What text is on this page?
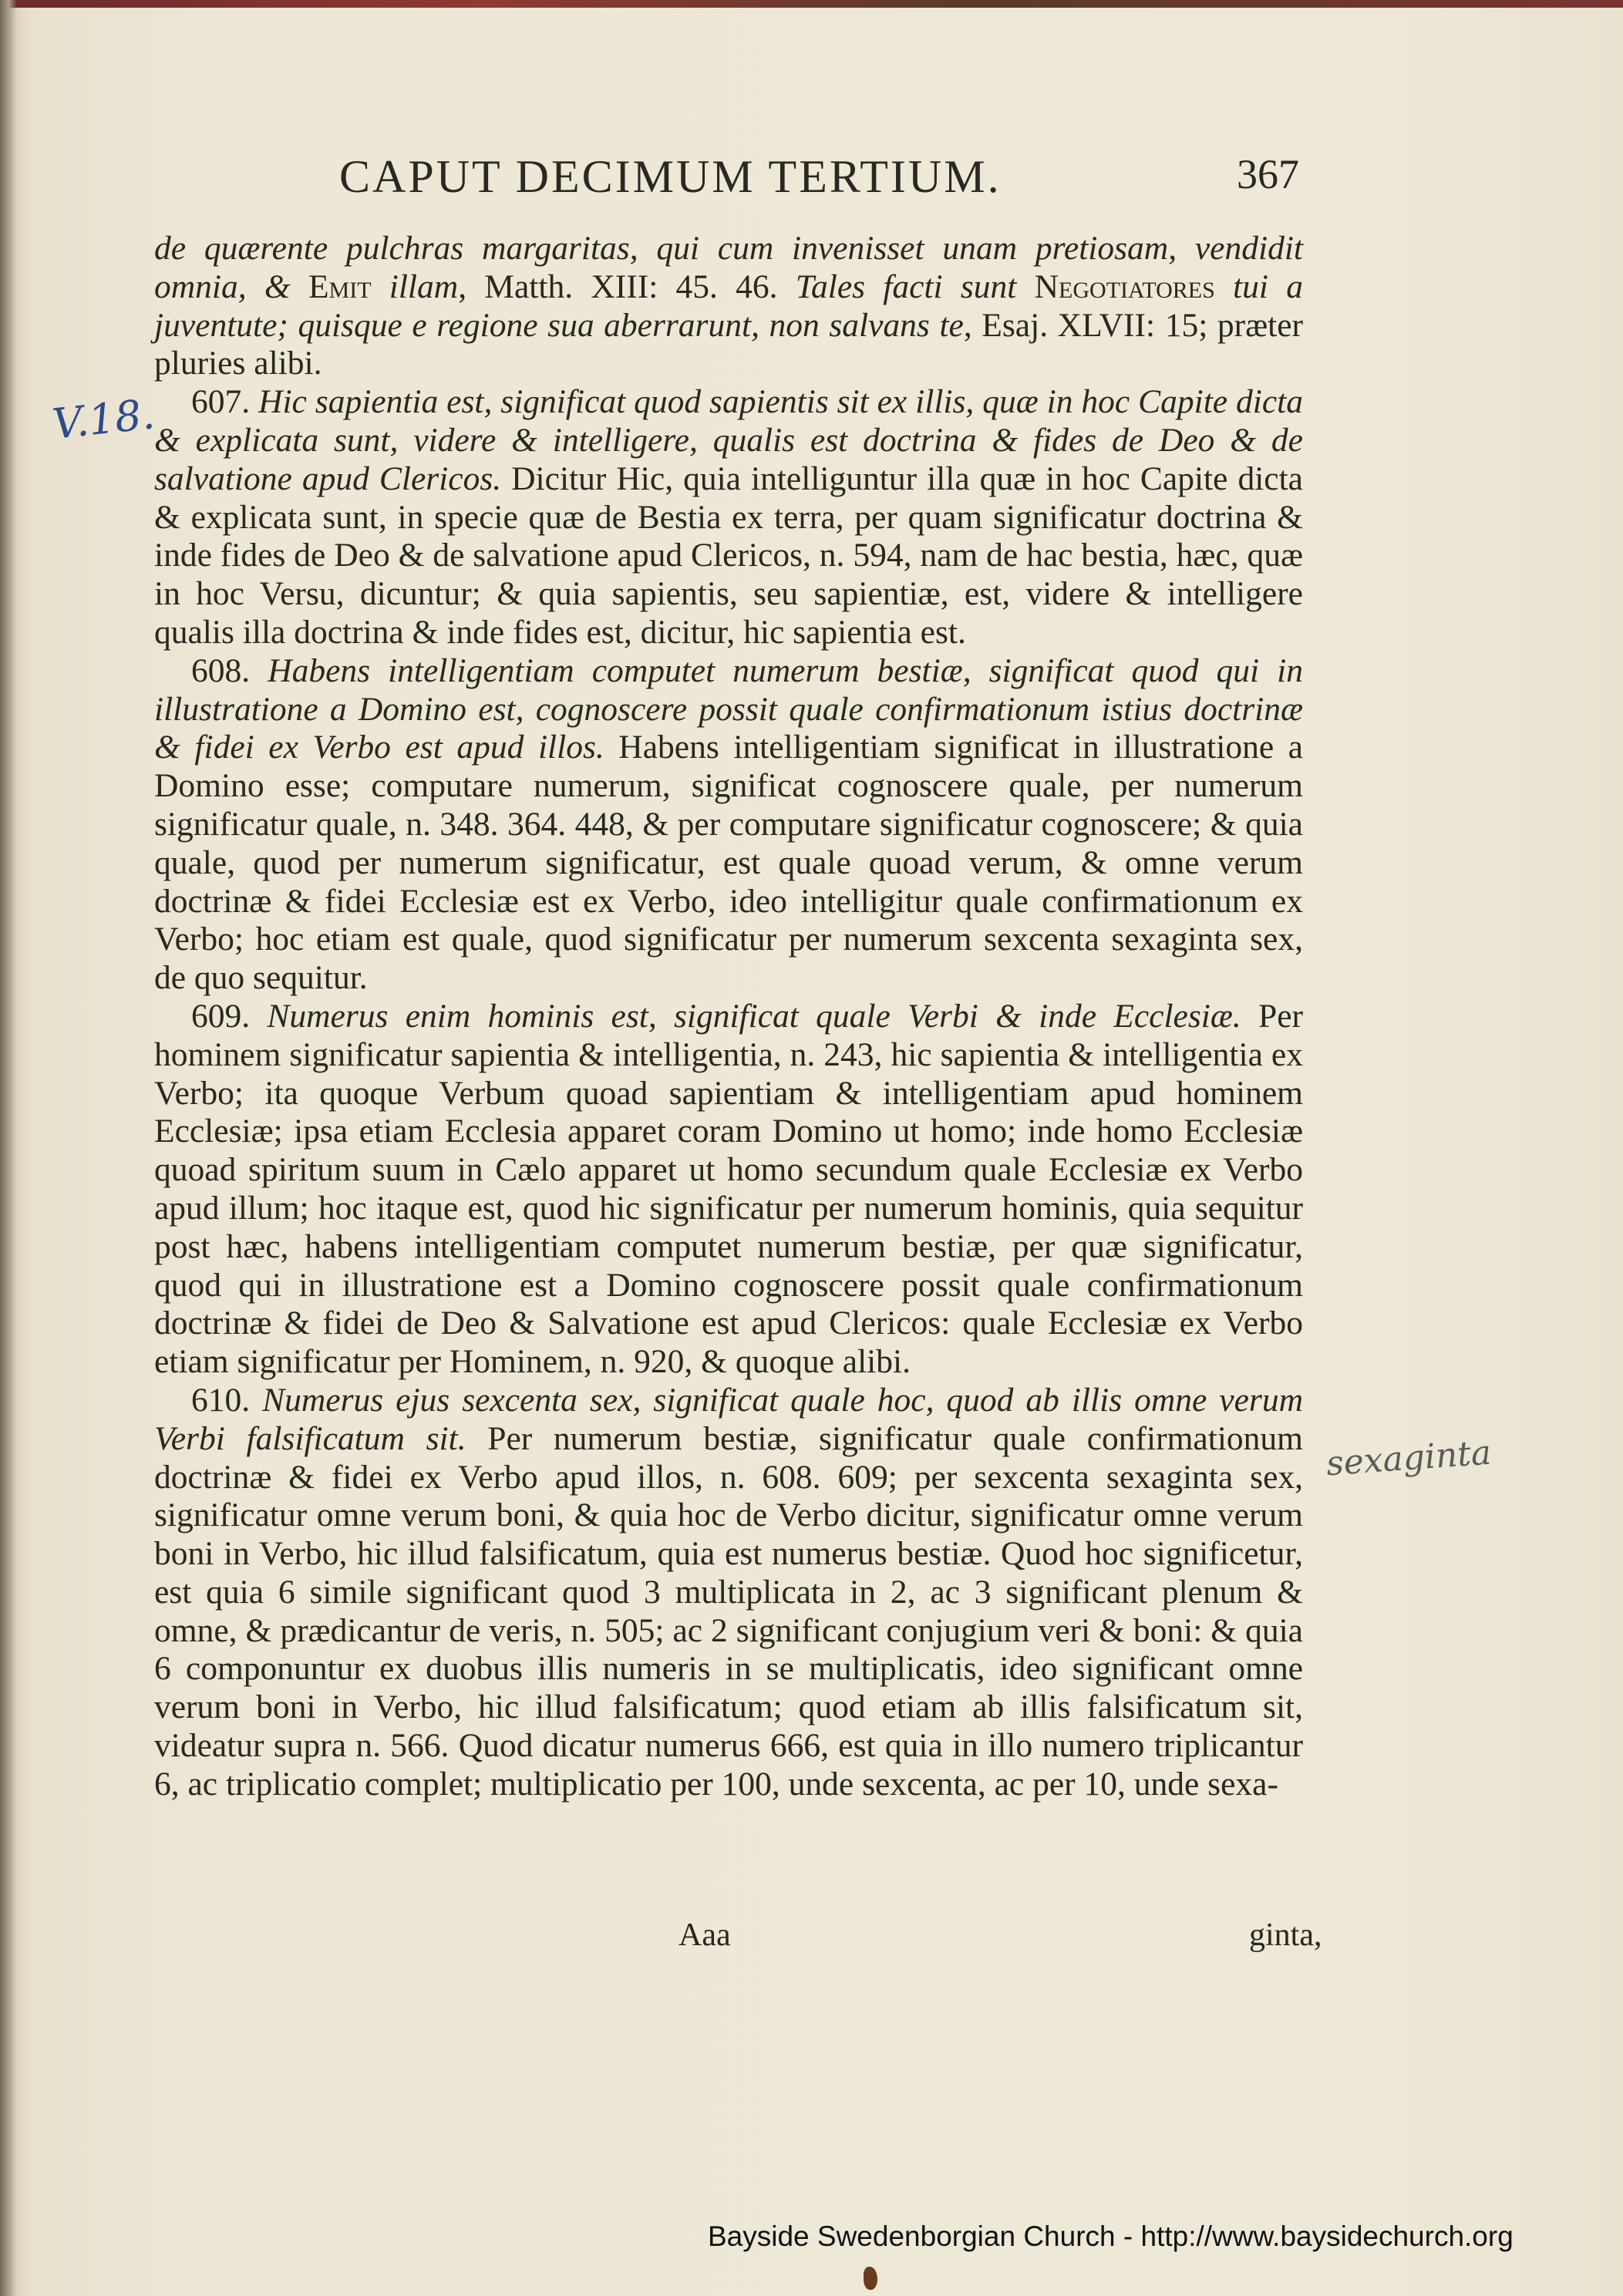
CAPUT DECIMUM TERTIUM.	367
V.18.
sexaginta

de quærente pulchras margaritas, qui cum invenisset unam pretiosam, vendidit omnia, & Emit illam, Matth. XIII: 45. 46. Tales facti sunt Negotiatores tui a juventute; quisque e regione sua aberrarunt, non salvans te, Esaj. XLVII: 15; præter pluries alibi.

607. Hic sapientia est, significat quod sapientis sit ex illis, quæ in hoc Capite dicta & explicata sunt, videre & intelligere, qualis est doctrina & fides de Deo & de salvatione apud Clericos. Dicitur Hic, quia intelliguntur illa quæ in hoc Capite dicta & explicata sunt, in specie quæ de Bestia ex terra, per quam significatur doctrina & inde fides de Deo & de salvatione apud Clericos, n. 594, nam de hac bestia, hæc, quæ in hoc Versu, dicuntur; & quia sapientis, seu sapientiæ, est, videre & intelligere qualis illa doctrina & inde fides est, dicitur, hic sapientia est.

608. Habens intelligentiam computet numerum bestiæ, significat quod qui in illustratione a Domino est, cognoscere possit quale confirmationum istius doctrinæ & fidei ex Verbo est apud illos. Habens intelligentiam significat in illustratione a Domino esse; computare numerum, significat cognoscere quale, per numerum significatur quale, n. 348. 364. 448, & per computare significatur cognoscere; & quia quale, quod per numerum significatur, est quale quoad verum, & omne verum doctrinæ & fidei Ecclesiæ est ex Verbo, ideo intelligitur quale confirmationum ex Verbo; hoc etiam est quale, quod significatur per numerum sexcenta sexaginta sex, de quo sequitur.

609. Numerus enim hominis est, significat quale Verbi & inde Ecclesiæ. Per hominem significatur sapientia & intelligentia, n. 243, hic sapientia & intelligentia ex Verbo; ita quoque Verbum quoad sapientiam & intelligentiam apud hominem Ecclesiæ; ipsa etiam Ecclesia apparet coram Domino ut homo; inde homo Ecclesiæ quoad spiritum suum in Cælo apparet ut homo secundum quale Ecclesiæ ex Verbo apud illum; hoc itaque est, quod hic significatur per numerum hominis, quia sequitur post hæc, habens intelligentiam computet numerum bestiæ, per quæ significatur, quod qui in illustratione est a Domino cognoscere possit quale confirmationum doctrinæ & fidei de Deo & Salvatione est apud Clericos: quale Ecclesiæ ex Verbo etiam significatur per Hominem, n. 920, & quoque alibi.

610. Numerus ejus sexcenta sex, significat quale hoc, quod ab illis omne verum Verbi falsificatum sit. Per numerum bestiæ, significatur quale confirmationum doctrinæ & fidei ex Verbo apud illos, n. 608. 609; per sexcenta sexaginta sex, significatur omne verum boni, & quia hoc de Verbo dicitur, significatur omne verum boni in Verbo, hic illud falsificatum, quia est numerus bestiæ. Quod hoc significetur, est quia 6 simile significant quod 3 multiplicata in 2, ac 3 significant plenum & omne, & prædicantur de veris, n. 505; ac 2 significant conjugium veri & boni: & quia 6 componuntur ex duobus illis numeris in se multiplicatis, ideo significant omne verum boni in Verbo, hic illud falsificatum; quod etiam ab illis falsificatum sit, videatur supra n. 566. Quod dicatur numerus 666, est quia in illo numero triplicantur 6, ac triplicatio complet; multiplicatio per 100, unde sexcenta, ac per 10, unde sexa-

Aaa	ginta,
Bayside Swedenborgian Church - http://www.baysidechurch.org
